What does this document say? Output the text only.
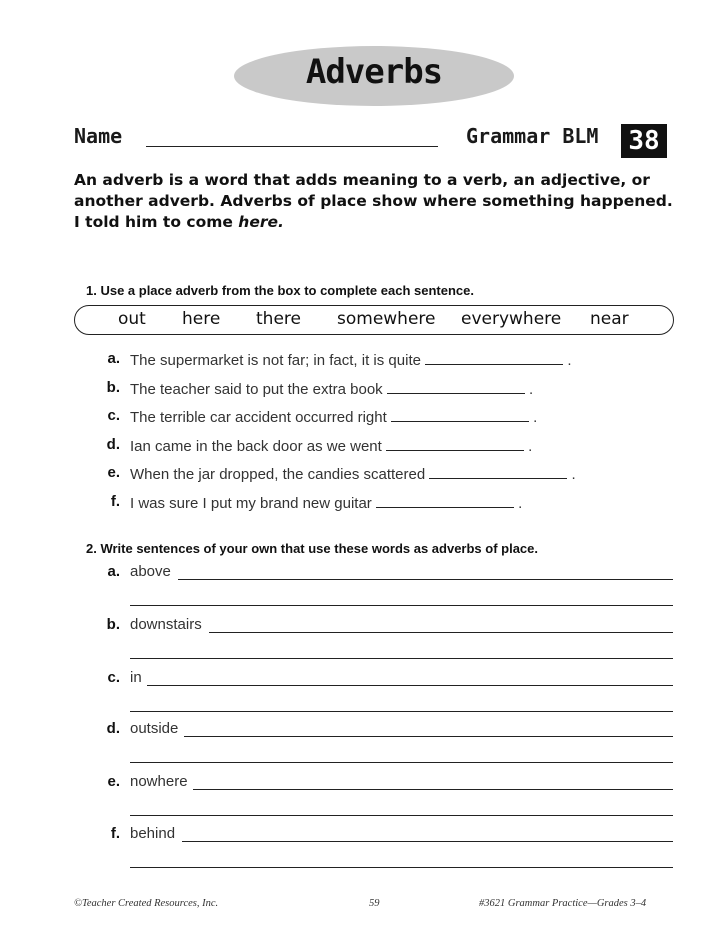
Adverbs
Name	Grammar BLM 38
An adverb is a word that adds meaning to a verb, an adjective, or another adverb. Adverbs of place show where something happened.
I told him to come here.
1. Use a place adverb from the box to complete each sentence.
out here there somewhere everywhere near
a. The supermarket is not far; in fact, it is quite	.
b. The teacher said to put the extra book	.
c. The terrible car accident occurred right	.
d. Ian came in the back door as we went	.
e. When the jar dropped, the candies scattered	.
f. I was sure I put my brand new guitar	.
2. Write sentences of your own that use these words as adverbs of place.
a. above
b. downstairs
c. in
d. outside
e. nowhere
f. behind
©Teacher Created Resources, Inc.	59	#3621 Grammar Practice—Grades 3–4
